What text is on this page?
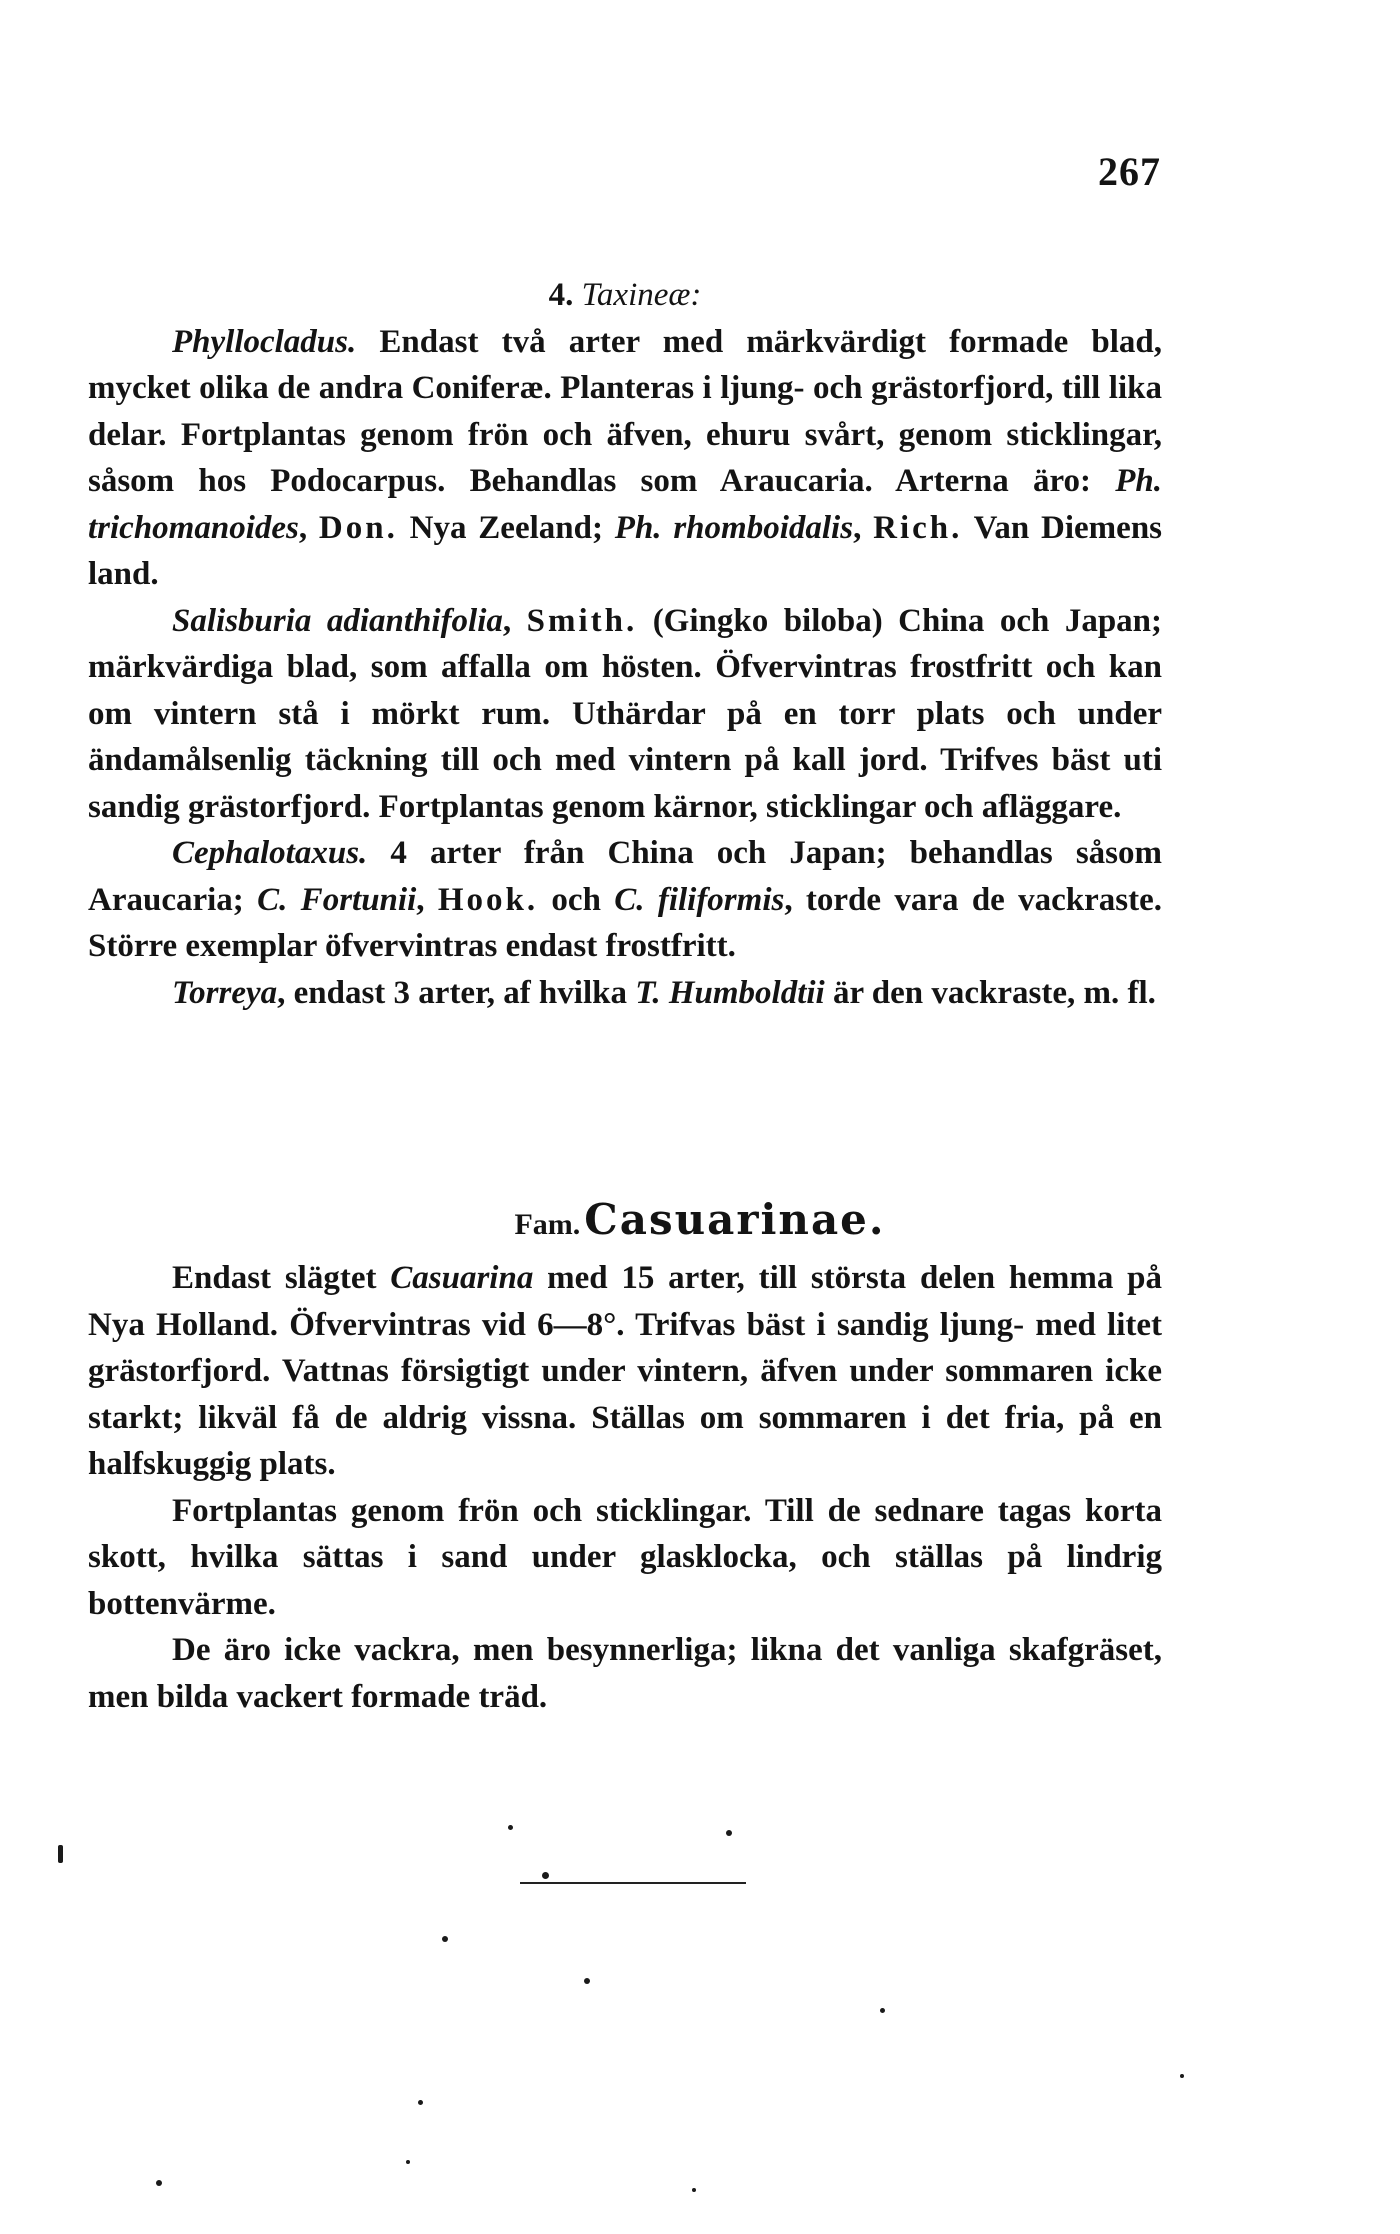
267

4. Taxineæ:

Phyllocladus. Endast två arter med märkvärdigt formade blad, mycket olika de andra Coniferæ. Planteras i ljung- och grästorfjord, till lika delar. Fortplantas genom frön och äfven, ehuru svårt, genom sticklingar, såsom hos Podocarpus. Behandlas som Araucaria. Arterna äro: Ph. trichomanoides, Don. Nya Zeeland; Ph. rhomboidalis, Rich. Van Diemens land.

Salisburia adianthifolia, Smith. (Gingko biloba) China och Japan; märkvärdiga blad, som affalla om hösten. Öfvervintras frostfritt och kan om vintern stå i mörkt rum. Uthärdar på en torr plats och under ändamålsenlig täckning till och med vintern på kall jord. Trifves bäst uti sandig grästorfjord. Fortplantas genom kärnor, sticklingar och afläggare.

Cephalotaxus. 4 arter från China och Japan; behandlas såsom Araucaria; C. Fortunii, Hook. och C. filiformis, torde vara de vackraste. Större exemplar öfvervintras endast frostfritt.

Torreya, endast 3 arter, af hvilka T. Humboldtii är den vackraste, m. fl.

Fam. Casuarinae.

Endast slägtet Casuarina med 15 arter, till största delen hemma på Nya Holland. Öfvervintras vid 6—8°. Trifvas bäst i sandig ljung- med litet grästorfjord. Vattnas försigtigt under vintern, äfven under sommaren icke starkt; likväl få de aldrig vissna. Ställas om sommaren i det fria, på en halfskuggig plats.

Fortplantas genom frön och sticklingar. Till de sednare tagas korta skott, hvilka sättas i sand under glasklocka, och ställas på lindrig bottenvärme.

De äro icke vackra, men besynnerliga; likna det vanliga skafgräset, men bilda vackert formade träd.
